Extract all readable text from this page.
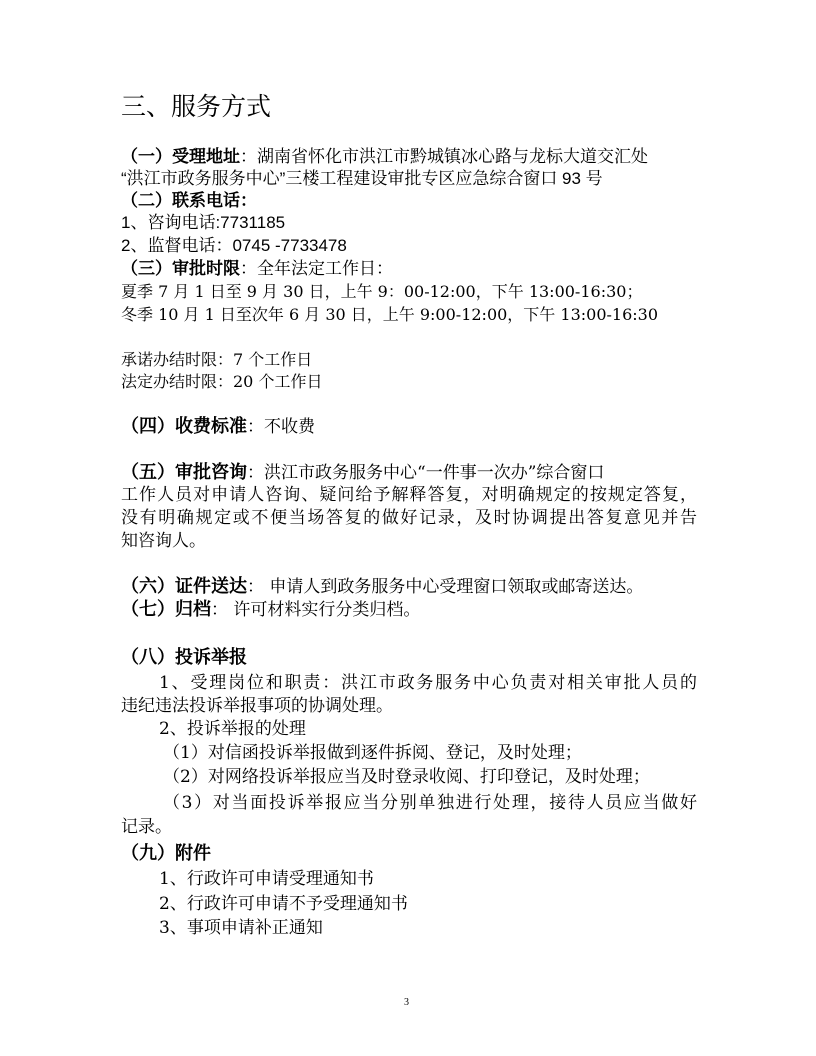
三、服务方式
（一）受理地址：湖南省怀化市洪江市黔城镇冰心路与龙标大道交汇处
“洪江市政务服务中心”三楼工程建设审批专区应急综合窗口 93 号
（二）联系电话：
1、咨询电话:7731185
2、监督电话：0745 -7733478
（三）审批时限：全年法定工作日：
夏季 7 月 1 日至 9 月 30 日，上午 9：00-12:00，下午 13:00-16:30；
冬季 10 月 1 日至次年 6 月 30 日，上午 9:00-12:00，下午 13:00-16:30
承诺办结时限：7 个工作日
法定办结时限：20 个工作日
（四）收费标准：不收费
（五）审批咨询：洪江市政务服务中心“一件事一次办”综合窗口
工作人员对申请人咨询、疑问给予解释答复，对明确规定的按规定答复，
没有明确规定或不便当场答复的做好记录，及时协调提出答复意见并告
知咨询人。
（六）证件送达： 申请人到政务服务中心受理窗口领取或邮寄送达。
（七）归档： 许可材料实行分类归档。
（八）投诉举报
1、受理岗位和职责：洪江市政务服务中心负责对相关审批人员的
违纪违法投诉举报事项的协调处理。
2、投诉举报的处理
（1）对信函投诉举报做到逐件拆阅、登记，及时处理；
（2）对网络投诉举报应当及时登录收阅、打印登记，及时处理；
（3）对当面投诉举报应当分别单独进行处理，接待人员应当做好
记录。
（九）附件
1、行政许可申请受理通知书
2、行政许可申请不予受理通知书
3、事项申请补正通知
3
